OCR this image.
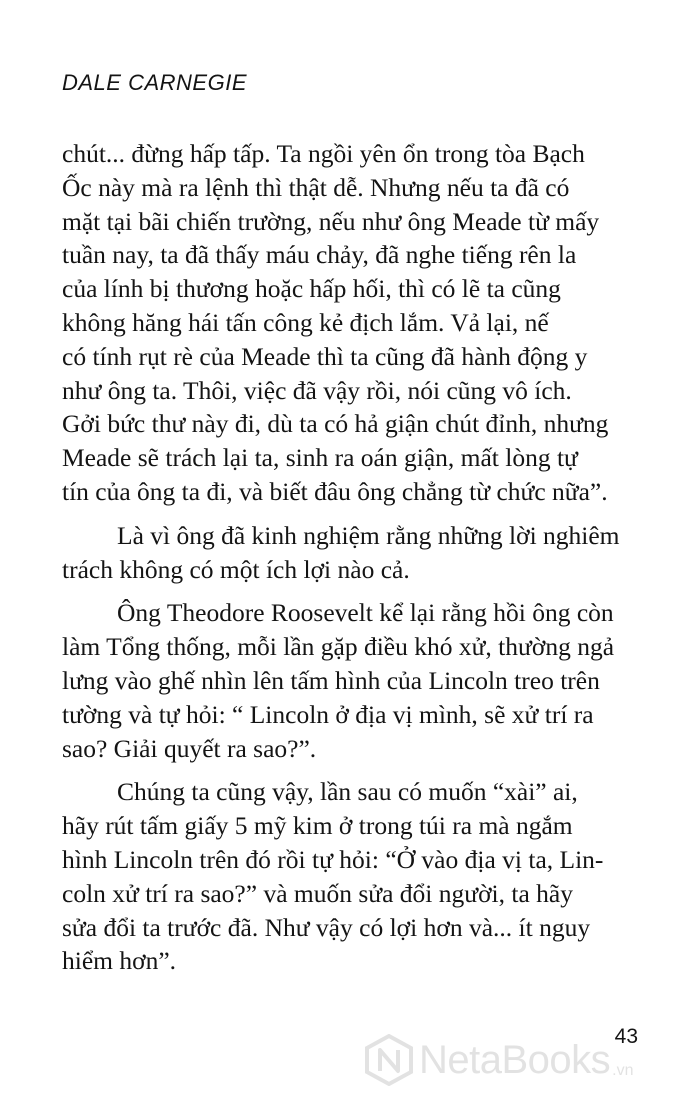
DALE CARNEGIE
chút... đừng hấp tấp. Ta ngồi yên ổn trong tòa Bạch
Ốc này mà ra lệnh thì thật dễ. Nhưng nếu ta đã có
mặt tại bãi chiến trường, nếu như ông Meade từ mấy
tuần nay, ta đã thấy máu chảy, đã nghe tiếng rên la
của lính bị thương hoặc hấp hối, thì có lẽ ta cũng
không hăng hái tấn công kẻ địch lắm. Vả lại, nế
có tính rụt rè của Meade thì ta cũng đã hành động y
như ông ta. Thôi, việc đã vậy rồi, nói cũng vô ích.
Gởi bức thư này đi, dù ta có hả giận chút đỉnh, nhưng
Meade sẽ trách lại ta, sinh ra oán giận, mất lòng tự
tín của ông ta đi, và biết đâu ông chẳng từ chức nữa”.
Là vì ông đã kinh nghiệm rằng những lời nghiêm
trách không có một ích lợi nào cả.
Ông Theodore Roosevelt kể lại rằng hồi ông còn
làm Tổng thống, mỗi lần gặp điều khó xử, thường ngả
lưng vào ghế nhìn lên tấm hình của Lincoln treo trên
tường và tự hỏi: “ Lincoln ở địa vị mình, sẽ xử trí ra
sao? Giải quyết ra sao?”.
Chúng ta cũng vậy, lần sau có muốn “xài” ai,
hãy rút tấm giấy 5 mỹ kim ở trong túi ra mà ngắm
hình Lincoln trên đó rồi tự hỏi: “Ở vào địa vị ta, Lin-
coln xử trí ra sao?” và muốn sửa đổi người, ta hãy
sửa đổi ta trước đã. Như vậy có lợi hơn và... ít nguy
hiểm hơn”.
43
NetaBooks .vn
